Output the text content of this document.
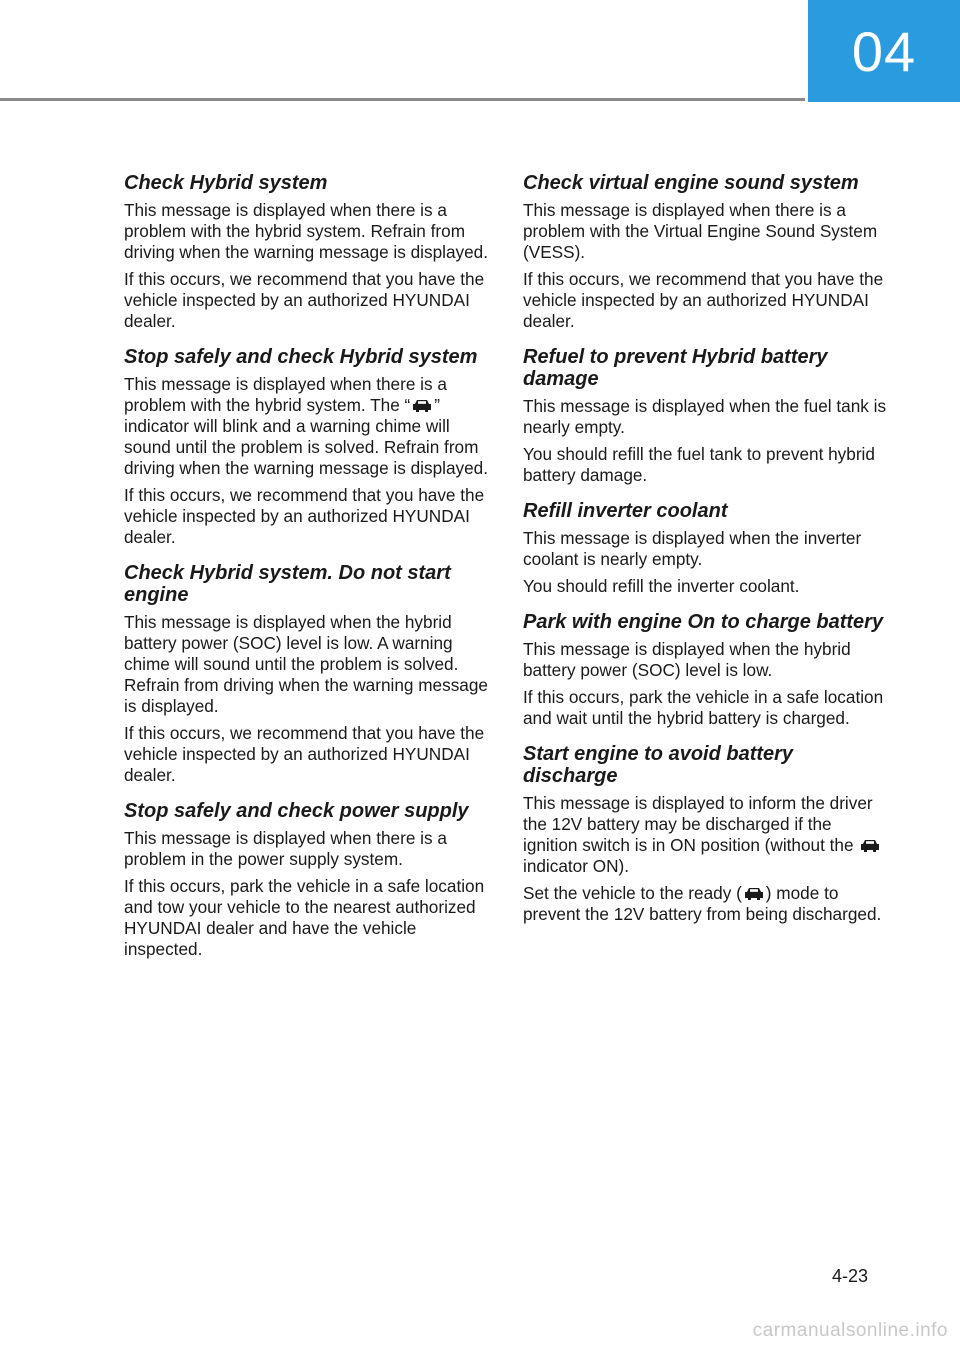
04
Check Hybrid system

This message is displayed when there is a problem with the hybrid system. Refrain from driving when the warning message is displayed.

If this occurs, we recommend that you have the vehicle inspected by an authorized HYUNDAI dealer.

Stop safely and check Hybrid system

This message is displayed when there is a problem with the hybrid system. The “ ” indicator will blink and a warning chime will sound until the problem is solved. Refrain from driving when the warning message is displayed.

If this occurs, we recommend that you have the vehicle inspected by an authorized HYUNDAI dealer.

Check Hybrid system. Do not start engine

This message is displayed when the hybrid battery power (SOC) level is low. A warning chime will sound until the problem is solved. Refrain from driving when the warning message is displayed.

If this occurs, we recommend that you have the vehicle inspected by an authorized HYUNDAI dealer.

Stop safely and check power supply

This message is displayed when there is a problem in the power supply system.

If this occurs, park the vehicle in a safe location and tow your vehicle to the nearest authorized HYUNDAI dealer and have the vehicle inspected.

Check virtual engine sound system

This message is displayed when there is a problem with the Virtual Engine Sound System (VESS).

If this occurs, we recommend that you have the vehicle inspected by an authorized HYUNDAI dealer.

Refuel to prevent Hybrid battery damage

This message is displayed when the fuel tank is nearly empty.

You should refill the fuel tank to prevent hybrid battery damage.

Refill inverter coolant

This message is displayed when the inverter coolant is nearly empty.

You should refill the inverter coolant.

Park with engine On to charge battery

This message is displayed when the hybrid battery power (SOC) level is low.

If this occurs, park the vehicle in a safe location and wait until the hybrid battery is charged.

Start engine to avoid battery discharge

This message is displayed to inform the driver the 12V battery may be discharged if the ignition switch is in ON position (without the  indicator ON).

Set the vehicle to the ready ( ) mode to prevent the 12V battery from being discharged.

4-23
carmanualsonline.info
